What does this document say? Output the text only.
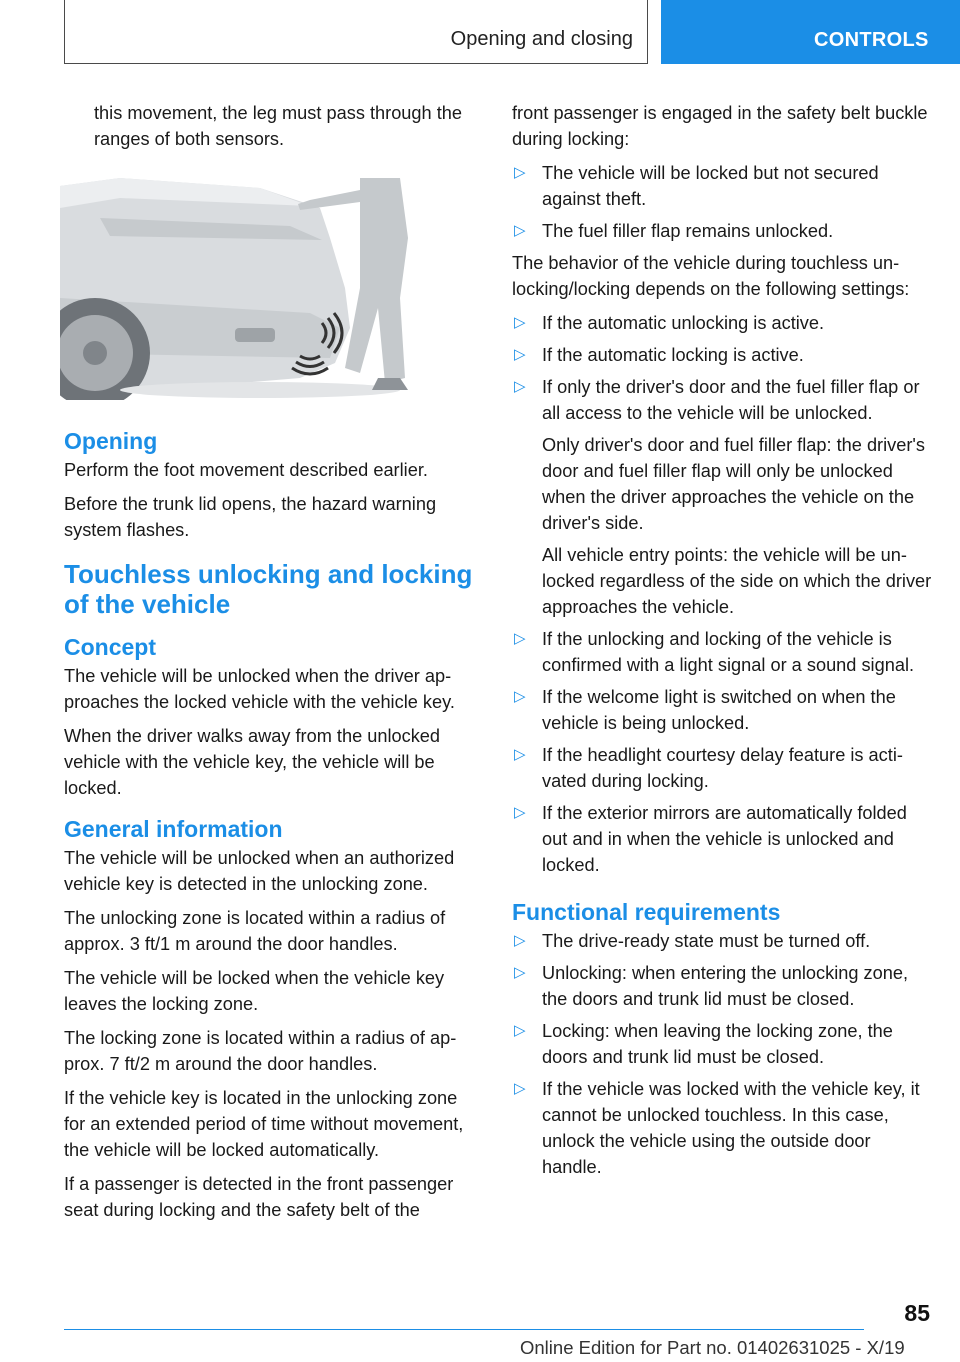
Opening and closing	CONTROLS

this movement, the leg must pass through the ranges of both sensors.

Opening

Perform the foot movement described earlier.

Before the trunk lid opens, the hazard warning system flashes.

Touchless unlocking and locking of the vehicle
Concept

The vehicle will be unlocked when the driver approaches the locked vehicle with the vehicle key.

When the driver walks away from the unlocked vehicle with the vehicle key, the vehicle will be locked.

General information

The vehicle will be unlocked when an authorized vehicle key is detected in the unlocking zone.

The unlocking zone is located within a radius of approx. 3 ft/1 m around the door handles.

The vehicle will be locked when the vehicle key leaves the locking zone.

The locking zone is located within a radius of approx. 7 ft/2 m around the door handles.

If the vehicle key is located in the unlocking zone for an extended period of time without movement, the vehicle will be locked automatically.

If a passenger is detected in the front passenger seat during locking and the safety belt of the

front passenger is engaged in the safety belt buckle during locking:

▷ The vehicle will be locked but not secured against theft.
▷ The fuel filler flap remains unlocked.

The behavior of the vehicle during touchless unlocking/locking depends on the following settings:

▷ If the automatic unlocking is active.
▷ If the automatic locking is active.
▷ If only the driver's door and the fuel filler flap or all access to the vehicle will be unlocked.
Only driver's door and fuel filler flap: the driver's door and fuel filler flap will only be unlocked when the driver approaches the vehicle on the driver's side.
All vehicle entry points: the vehicle will be unlocked regardless of the side on which the driver approaches the vehicle.
▷ If the unlocking and locking of the vehicle is confirmed with a light signal or a sound signal.
▷ If the welcome light is switched on when the vehicle is being unlocked.
▷ If the headlight courtesy delay feature is activated during locking.
▷ If the exterior mirrors are automatically folded out and in when the vehicle is unlocked and locked.
Functional requirements
▷ The drive-ready state must be turned off.
▷ Unlocking: when entering the unlocking zone, the doors and trunk lid must be closed.
▷ Locking: when leaving the locking zone, the doors and trunk lid must be closed.
▷ If the vehicle was locked with the vehicle key, it cannot be unlocked touchless. In this case, unlock the vehicle using the outside door handle.
85
Online Edition for Part no. 01402631025 - X/19
